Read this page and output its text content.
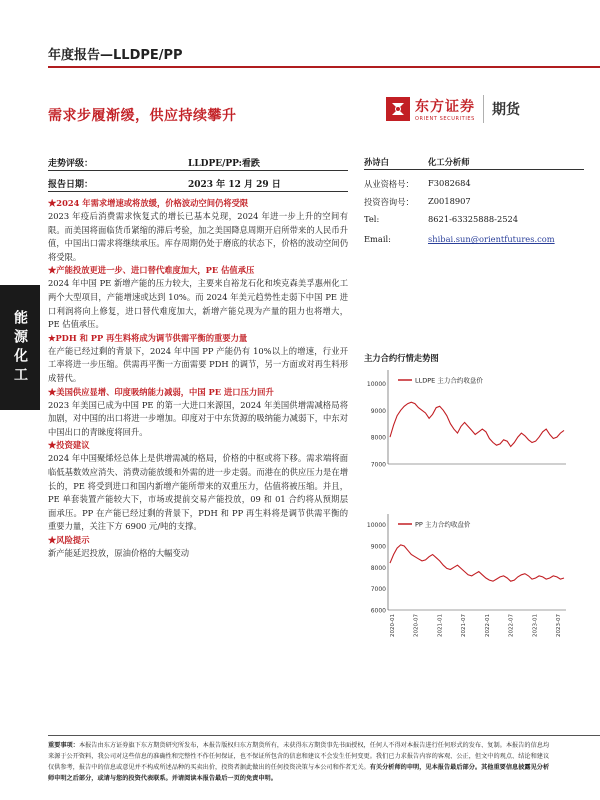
年度报告—LLDPE/PP
需求步履渐缓，供应持续攀升
东方证券
ORIENT SECURITIES
期货
能源化工
走势评级：	LLDPE/PP:看跌
报告日期：	2023 年 12 月 29 日
★2024 年需求增速或将放缓，价格波动空间仍将受限
2023 年疫后消费需求恢复式的增长已基本兑现，2024 年进一步上升的空间有限。而美国将面临货币紧缩的滞后考验，加之美国降息周期开启所带来的人民币升值，中国出口需求将继续承压。库存周期仍处于磨底的状态下，价格的波动空间仍将受限。
★产能投放更进一步、进口替代难度加大，PE 估值承压
2024 年中国 PE 新增产能的压力较大，主要来自裕龙石化和埃克森美孚惠州化工两个大型项目，产能增速或达到 10%。而 2024 年美元趋势性走弱下中国 PE 进口利润将向上修复，进口替代难度加大，新增产能兑现为产量的阻力也将增大，PE 估值承压。
★PDH 和 PP 再生料将成为调节供需平衡的重要力量
在产能已经过剩的背景下，2024 年中国 PP 产能仍有 10%以上的增速，行业开工率将进一步压缩。供需再平衡一方面需要 PDH 的调节，另一方面或对再生料形成替代。
★美国供应显增、印度吸纳能力减弱，中国 PE 进口压力回升
2023 年美国已成为中国 PE 的第一大进口来源国，2024 年美国供增需减格局将加剧，对中国的出口将进一步增加。印度对于中东货源的吸纳能力减弱下，中东对中国出口的青睐度将回升。
★投资建议
2024 年中国聚烯烃总体上是供增需减的格局，价格的中枢或将下移。需求端将面临低基数效应消失、消费动能放缓和外需的进一步走弱。而港在的供应压力是在增长的，PE 将受到进口和国内新增产能所带来的双重压力，估值将被压缩。并且，PE 单套装置产能较大下，市场或提前交易产能投放，09 和 01 合约将从预期层面承压。PP 在产能已经过剩的背景下，PDH 和 PP 再生料将是调节供需平衡的重要力量，关注下方 6900 元/吨的支撑。
★风险提示
新产能延迟投放，原油价格的大幅变动
孙诗白	化工分析师
从业资格号：	F3082684
投资咨询号：	Z0018907
Tel:	8621-63325888-2524
Email:	shibai.sun@orientfutures.com
主力合约行情走势图
7000
8000
9000
10000	LLDPE 主力合约收盘价
6000
7000
8000
9000
10000
2020-01	2020-07	2021-01	2021-07	2022-01	2022-07	2023-01	2023-07
PP 主力合约收盘价
重要事项：本报告由东方证券旗下东方期货研究所发布，本报告版权归东方期货所有，未获得东方期货事先书面授权，任何人不得对本报告进行任何形式的发布、复制。本报告的信息均来源于公开资料，我公司对这些信息的准确性和完整性不作任何保证，也不保证所包含的信息和建议不会发生任何变更。我们已力求报告内容的客观、公正，但文中的观点、结论和建议仅供参考，报告中的信息或意见并不构成所述品种的买卖出价，投资者据此做出的任何投资决策与本公司和作者无关。有关分析师的申明，见本报告最后部分。其他重要信息披露见分析师申明之后部分，或请与您的投资代表联系。并请阅读本报告最后一页的免责申明。
